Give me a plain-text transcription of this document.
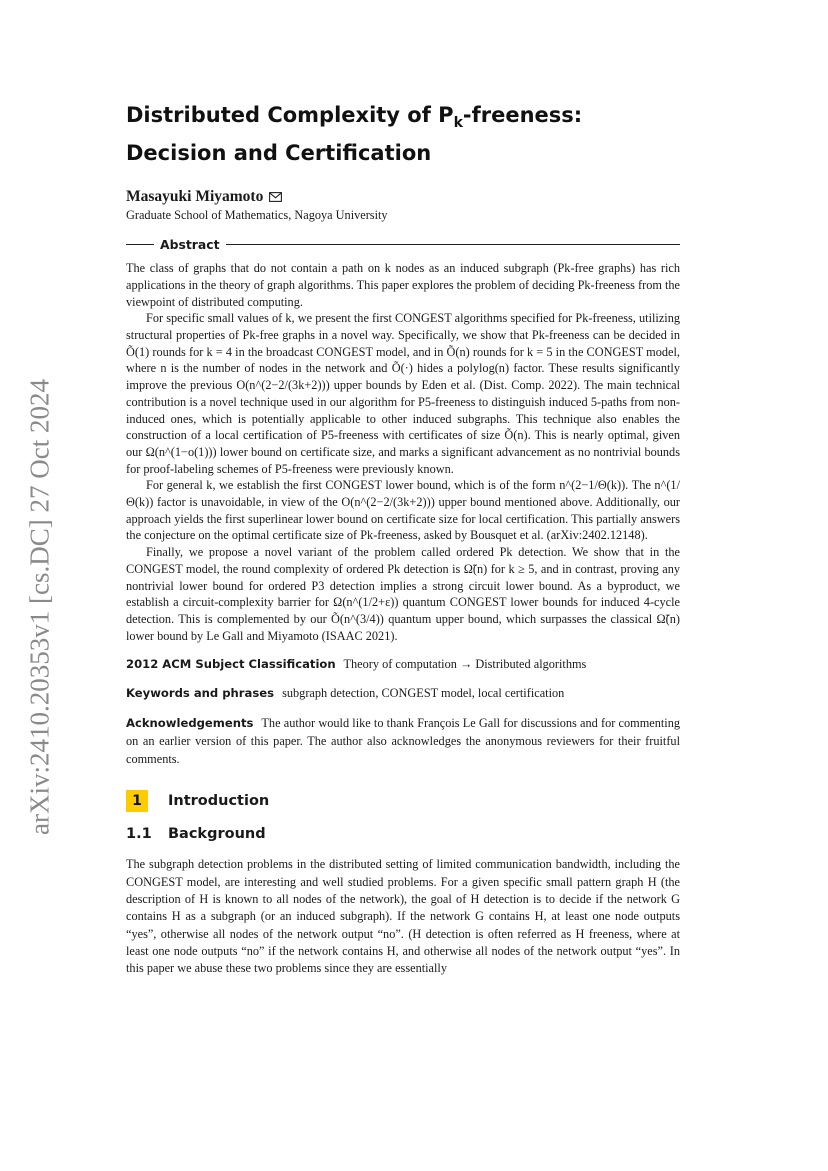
arXiv:2410.20353v1 [cs.DC] 27 Oct 2024
Distributed Complexity of $P_k$-freeness:
Decision and Certification
Masayuki Miyamoto
Graduate School of Mathematics, Nagoya University
Abstract

The class of graphs that do not contain a path on k nodes as an induced subgraph (Pk-free graphs) has rich applications in the theory of graph algorithms. This paper explores the problem of deciding Pk-freeness from the viewpoint of distributed computing.

For specific small values of k, we present the first CONGEST algorithms specified for Pk-freeness, utilizing structural properties of Pk-free graphs in a novel way. Specifically, we show that Pk-freeness can be decided in Õ(1) rounds for k = 4 in the broadcast CONGEST model, and in Õ(n) rounds for k = 5 in the CONGEST model, where n is the number of nodes in the network and Õ(·) hides a polylog(n) factor. These results significantly improve the previous O(n^(2−2/(3k+2))) upper bounds by Eden et al. (Dist. Comp. 2022). The main technical contribution is a novel technique used in our algorithm for P5-freeness to distinguish induced 5-paths from non-induced ones, which is potentially applicable to other induced subgraphs. This technique also enables the construction of a local certification of P5-freeness with certificates of size Õ(n). This is nearly optimal, given our Ω(n^(1−o(1))) lower bound on certificate size, and marks a significant advancement as no nontrivial bounds for proof-labeling schemes of P5-freeness were previously known.

For general k, we establish the first CONGEST lower bound, which is of the form n^(2−1/Θ(k)). The n^(1/Θ(k)) factor is unavoidable, in view of the O(n^(2−2/(3k+2))) upper bound mentioned above. Additionally, our approach yields the first superlinear lower bound on certificate size for local certification. This partially answers the conjecture on the optimal certificate size of Pk-freeness, asked by Bousquet et al. (arXiv:2402.12148).

Finally, we propose a novel variant of the problem called ordered Pk detection. We show that in the CONGEST model, the round complexity of ordered Pk detection is Ω̃(n) for k ≥ 5, and in contrast, proving any nontrivial lower bound for ordered P3 detection implies a strong circuit lower bound. As a byproduct, we establish a circuit-complexity barrier for Ω(n^(1/2+ε)) quantum CONGEST lower bounds for induced 4-cycle detection. This is complemented by our Õ(n^(3/4)) quantum upper bound, which surpasses the classical Ω̃(n) lower bound by Le Gall and Miyamoto (ISAAC 2021).

2012 ACM Subject Classification Theory of computation → Distributed algorithms
Keywords and phrases subgraph detection, CONGEST model, local certification
Acknowledgements The author would like to thank François Le Gall for discussions and for commenting on an earlier version of this paper. The author also acknowledges the anonymous reviewers for their fruitful comments.
1	Introduction
1.1	Background

The subgraph detection problems in the distributed setting of limited communication bandwidth, including the CONGEST model, are interesting and well studied problems. For a given specific small pattern graph H (the description of H is known to all nodes of the network), the goal of H detection is to decide if the network G contains H as a subgraph (or an induced subgraph). If the network G contains H, at least one node outputs “yes”, otherwise all nodes of the network output “no”. (H detection is often referred as H freeness, where at least one node outputs “no” if the network contains H, and otherwise all nodes of the network output “yes”. In this paper we abuse these two problems since they are essentially
